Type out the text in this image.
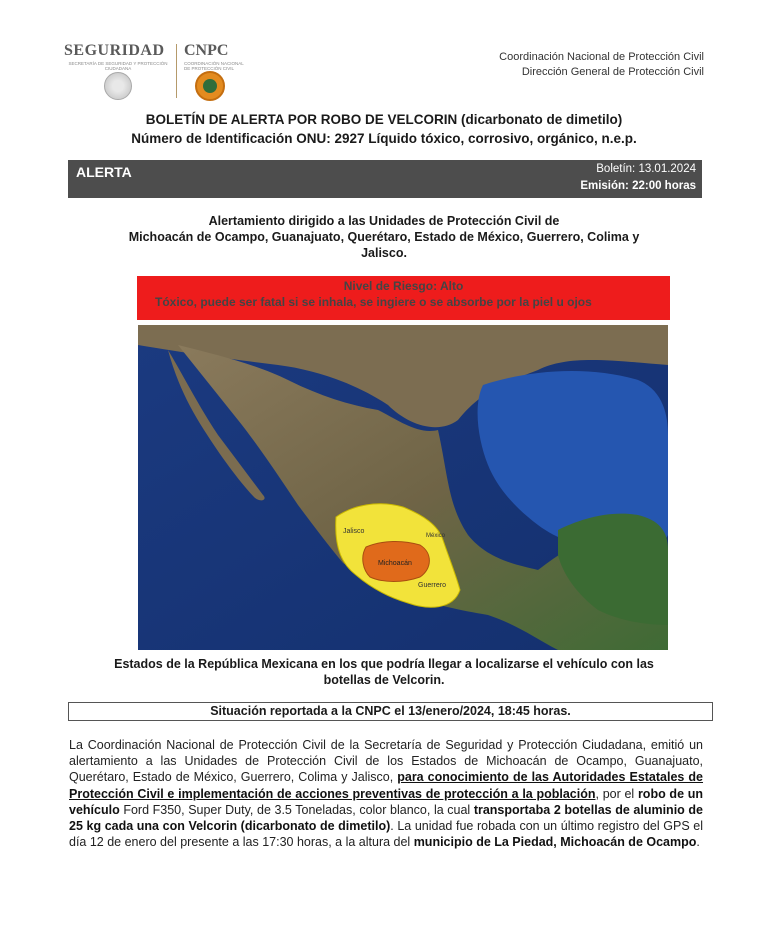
SEGURIDAD
SECRETARÍA DE SEGURIDAD Y PROTECCIÓN CIUDADANA
CNPC
COORDINACIÓN NACIONAL DE PROTECCIÓN CIVIL
Coordinación Nacional de Protección Civil
Dirección General de Protección Civil
BOLETÍN DE ALERTA POR ROBO DE VELCORIN (dicarbonato de dimetilo)
Número de Identificación ONU: 2927 Líquido tóxico, corrosivo, orgánico, n.e.p.
ALERTA	Boletín: 13.01.2024
Emisión: 22:00 horas
Alertamiento dirigido a las Unidades de Protección Civil de
Michoacán de Ocampo, Guanajuato, Querétaro, Estado de México, Guerrero, Colima y
Jalisco.
Nivel de Riesgo: Alto
Tóxico, puede ser fatal si se inhala, se ingiere o se absorbe por la piel u ojos
Jalisco
Michoacán
Guerrero
México
Estados de la República Mexicana en los que podría llegar a localizarse el vehículo con las
botellas de Velcorin.
Situación reportada a la CNPC el 13/enero/2024, 18:45 horas.
La Coordinación Nacional de Protección Civil de la Secretaría de Seguridad y Protección Ciudadana, emitió un alertamiento a las Unidades de Protección Civil de los Estados de Michoacán de Ocampo, Guanajuato, Querétaro, Estado de México, Guerrero, Colima y Jalisco, para conocimiento de las Autoridades Estatales de Protección Civil e implementación de acciones preventivas de protección a la población, por el robo de un vehículo Ford F350, Super Duty, de 3.5 Toneladas, color blanco, la cual transportaba 2 botellas de aluminio de 25 kg cada una con Velcorin (dicarbonato de dimetilo). La unidad fue robada con un último registro del GPS el día 12 de enero del presente a las 17:30 horas, a la altura del municipio de La Piedad, Michoacán de Ocampo.
